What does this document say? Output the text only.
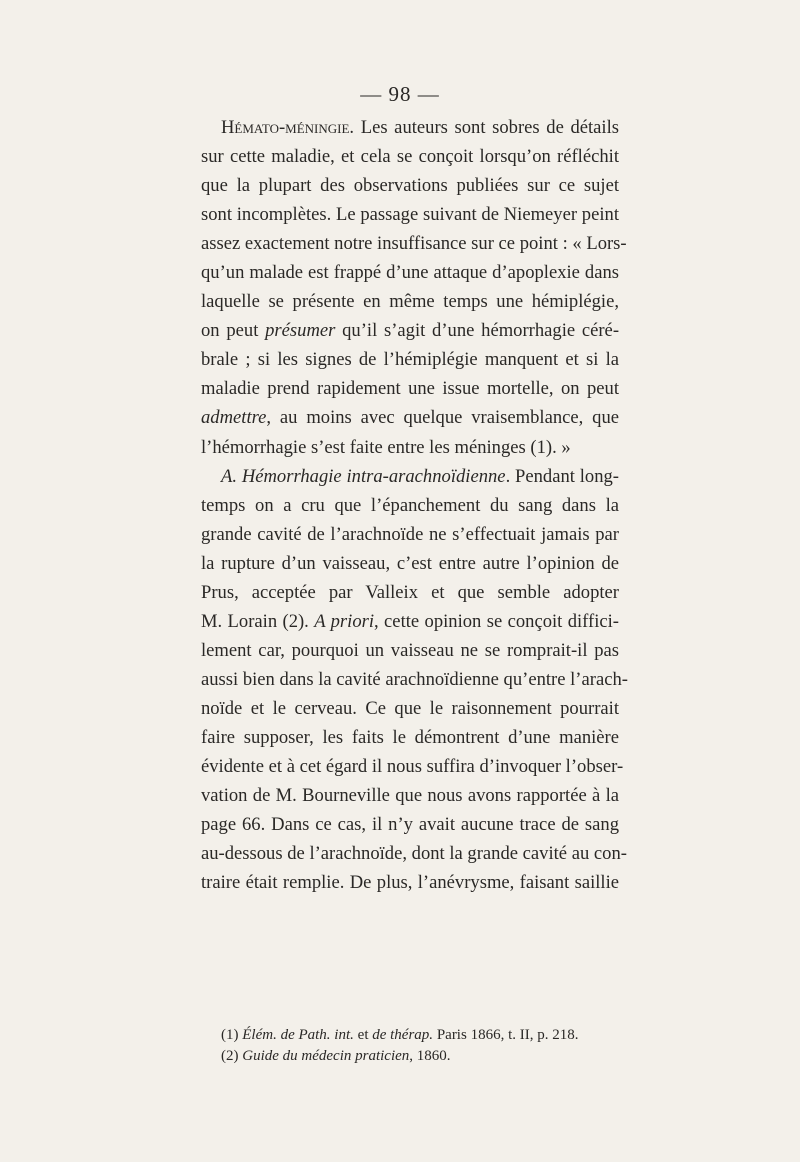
— 98 —
Hémato-méningie. Les auteurs sont sobres de détails
sur cette maladie, et cela se conçoit lorsqu’on réfléchit
que la plupart des observations publiées sur ce sujet
sont incomplètes. Le passage suivant de Niemeyer peint
assez exactement notre insuffisance sur ce point : « Lors-
qu’un malade est frappé d’une attaque d’apoplexie dans
laquelle se présente en même temps une hémiplégie,
on peut présumer qu’il s’agit d’une hémorrhagie céré-
brale ; si les signes de l’hémiplégie manquent et si la
maladie prend rapidement une issue mortelle, on peut
admettre, au moins avec quelque vraisemblance, que
l’hémorrhagie s’est faite entre les méninges (1). »
A. Hémorrhagie intra-arachnoïdienne. Pendant long-
temps on a cru que l’épanchement du sang dans la
grande cavité de l’arachnoïde ne s’effectuait jamais par
la rupture d’un vaisseau, c’est entre autre l’opinion de
Prus, acceptée par Valleix et que semble adopter
M. Lorain (2). A priori, cette opinion se conçoit diffici-
lement car, pourquoi un vaisseau ne se romprait-il pas
aussi bien dans la cavité arachnoïdienne qu’entre l’arach-
noïde et le cerveau. Ce que le raisonnement pourrait
faire supposer, les faits le démontrent d’une manière
évidente et à cet égard il nous suffira d’invoquer l’obser-
vation de M. Bourneville que nous avons rapportée à la
page 66. Dans ce cas, il n’y avait aucune trace de sang
au-dessous de l’arachnoïde, dont la grande cavité au con-
traire était remplie. De plus, l’anévrysme, faisant saillie
(1) Élém. de Path. int. et de thérap. Paris 1866, t. II, p. 218.
(2) Guide du médecin praticien, 1860.
